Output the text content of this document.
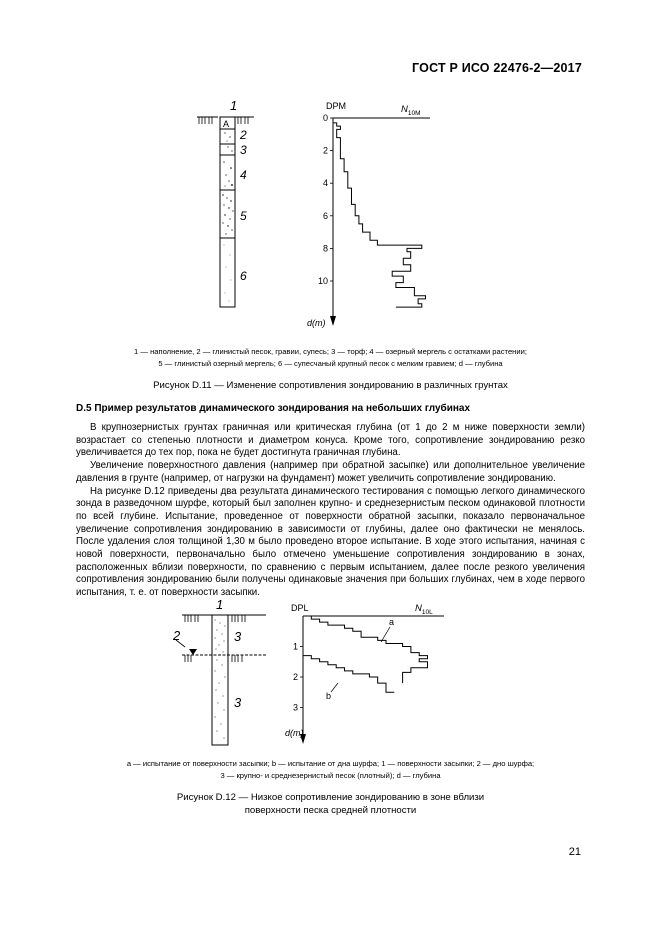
ГОСТ Р ИСО 22476-2—2017
1
A
2
3
4
5
6
DPM	$N_{10M}$
d(m)
0
2
4
6
8
10
1 — наполнение, 2 — глинистый песок, гравии, супесь; 3 — торф; 4 — озерный мергель с остатками растении;
5 — глинистый озерный мергель; 6 — супесчаный крупный песок с мелким гравием; d — глубина
Рисунок D.11 — Изменение сопротивления зондированию в различных грунтах
D.5 Пример результатов динамического зондирования на небольших глубинах

В крупнозернистых грунтах граничная или критическая глубина (от 1 до 2 м ниже поверхности земли) возрастает со степенью плотности и диаметром конуса. Кроме того, сопротивление зондированию резко увеличивается до тех пор, пока не будет достигнута граничная глубина.

Увеличение поверхностного давления (например при обратной засыпке) или дополнительное увеличение давления в грунте (например, от нагрузки на фундамент) может увеличить сопротивление зондированию.

На рисунке D.12 приведены два результата динамического тестирования с помощью легкого динамического зонда в разведочном шурфе, который был заполнен крупно- и среднезернистым песком одинаковой плотности по всей глубине. Испытание, проведенное от поверхности обратной засыпки, показало первоначальное увеличение сопротивления зондированию в зависимости от глубины, далее оно фактически не менялось. После удаления слоя толщиной 1,30 м было проведено второе испытание. В ходе этого испытания, начиная с новой поверхности, первоначально было отмечено уменьшение сопротивления зондированию в зонах, расположенных вблизи поверхности, по сравнению с первым испытанием, далее после резкого увеличения сопротивления зондированию были получены одинаковые значения при больших глубинах, чем в ходе первого испытания, т. е. от поверхности засыпки.

1
2	3
3
DPL	$N_{10L}$
d(m)
1
2
3
a
b
a — испытание от поверхности засыпки; b — испытание от дна шурфа; 1 — поверхности засыпки; 2 — дно шурфа;
3 — крупно- и среднезернистый песок (плотный); d — глубина
Рисунок D.12 — Низкое сопротивление зондированию в зоне вблизи
поверхности песка средней плотности
21
